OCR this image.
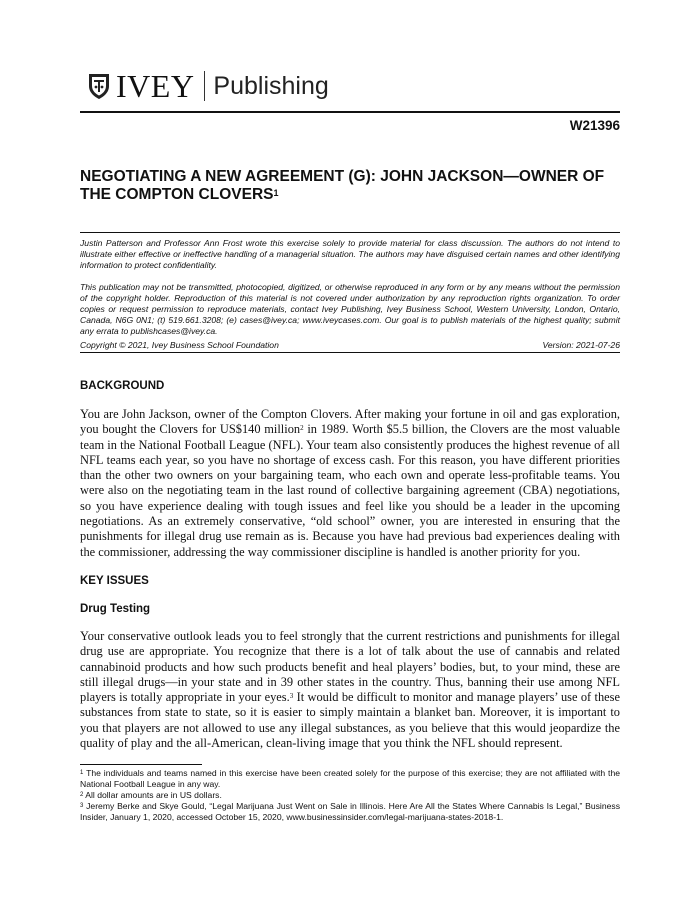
IVEY Publishing
W21396
NEGOTIATING A NEW AGREEMENT (G): JOHN JACKSON—OWNER OF THE COMPTON CLOVERS$^1$

Justin Patterson and Professor Ann Frost wrote this exercise solely to provide material for class discussion. The authors do not intend to illustrate either effective or ineffective handling of a managerial situation. The authors may have disguised certain names and other identifying information to protect confidentiality.

This publication may not be transmitted, photocopied, digitized, or otherwise reproduced in any form or by any means without the permission of the copyright holder. Reproduction of this material is not covered under authorization by any reproduction rights organization. To order copies or request permission to reproduce materials, contact Ivey Publishing, Ivey Business School, Western University, London, Ontario, Canada, N6G 0N1; (t) 519.661.3208; (e) cases@ivey.ca; www.iveycases.com. Our goal is to publish materials of the highest quality; submit any errata to publishcases@ivey.ca.

Copyright © 2021, Ivey Business School Foundation	Version: 2021-07-26
BACKGROUND

You are John Jackson, owner of the Compton Clovers. After making your fortune in oil and gas exploration, you bought the Clovers for US$140 million$^2$ in 1989. Worth $5.5 billion, the Clovers are the most valuable team in the National Football League (NFL). Your team also consistently produces the highest revenue of all NFL teams each year, so you have no shortage of excess cash. For this reason, you have different priorities than the other two owners on your bargaining team, who each own and operate less-profitable teams. You were also on the negotiating team in the last round of collective bargaining agreement (CBA) negotiations, so you have experience dealing with tough issues and feel like you should be a leader in the upcoming negotiations. As an extremely conservative, “old school” owner, you are interested in ensuring that the punishments for illegal drug use remain as is. Because you have had previous bad experiences dealing with the commissioner, addressing the way commissioner discipline is handled is another priority for you.

KEY ISSUES
Drug Testing

Your conservative outlook leads you to feel strongly that the current restrictions and punishments for illegal drug use are appropriate. You recognize that there is a lot of talk about the use of cannabis and related cannabinoid products and how such products benefit and heal players’ bodies, but, to your mind, these are still illegal drugs—in your state and in 39 other states in the country. Thus, banning their use among NFL players is totally appropriate in your eyes.$^3$ It would be difficult to monitor and manage players’ use of these substances from state to state, so it is easier to simply maintain a blanket ban. Moreover, it is important to you that players are not allowed to use any illegal substances, as you believe that this would jeopardize the quality of play and the all-American, clean-living image that you think the NFL should represent.

$^1$ The individuals and teams named in this exercise have been created solely for the purpose of this exercise; they are not affiliated with the National Football League in any way.

$^2$ All dollar amounts are in US dollars.

$^3$ Jeremy Berke and Skye Gould, “Legal Marijuana Just Went on Sale in Illinois. Here Are All the States Where Cannabis Is Legal,” Business Insider, January 1, 2020, accessed October 15, 2020, www.businessinsider.com/legal-marijuana-states-2018-1.
